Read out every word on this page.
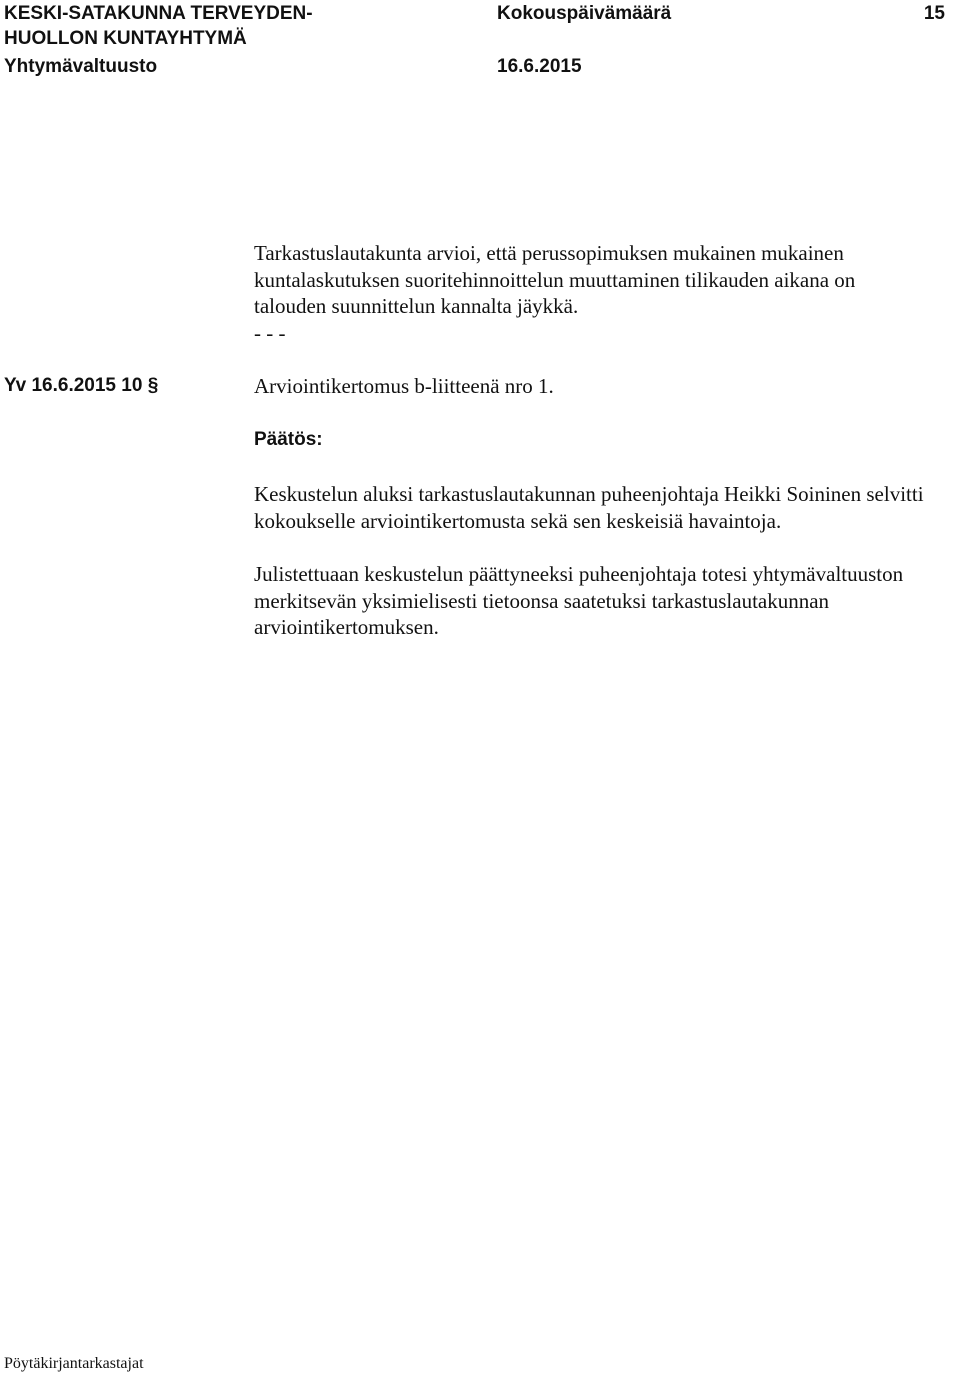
KESKI-SATAKUNNA TERVEYDEN-
HUOLLON KUNTAYHTYMÄ
Yhtymävaltuusto
Kokouspäivämäärä
16.6.2015
15
Tarkastuslautakunta arvioi, että perussopimuksen mukainen mukainen kuntalaskutuksen suoritehinnoittelun muuttaminen tilikauden aikana on talouden suunnittelun kannalta jäykkä.
- - -
Yv 16.6.2015 10 §	Arviointikertomus b-liitteenä nro 1.
Päätös:
Keskustelun aluksi tarkastuslautakunnan puheenjohtaja Heikki Soininen selvitti kokoukselle arviointikertomusta sekä sen keskeisiä havaintoja.
Julistettuaan keskustelun päättyneeksi puheenjohtaja totesi yhtymävaltuuston merkitsevän yksimielisesti tietoonsa saatetuksi tarkastuslautakunnan arviointikertomuksen.
Pöytäkirjantarkastajat
